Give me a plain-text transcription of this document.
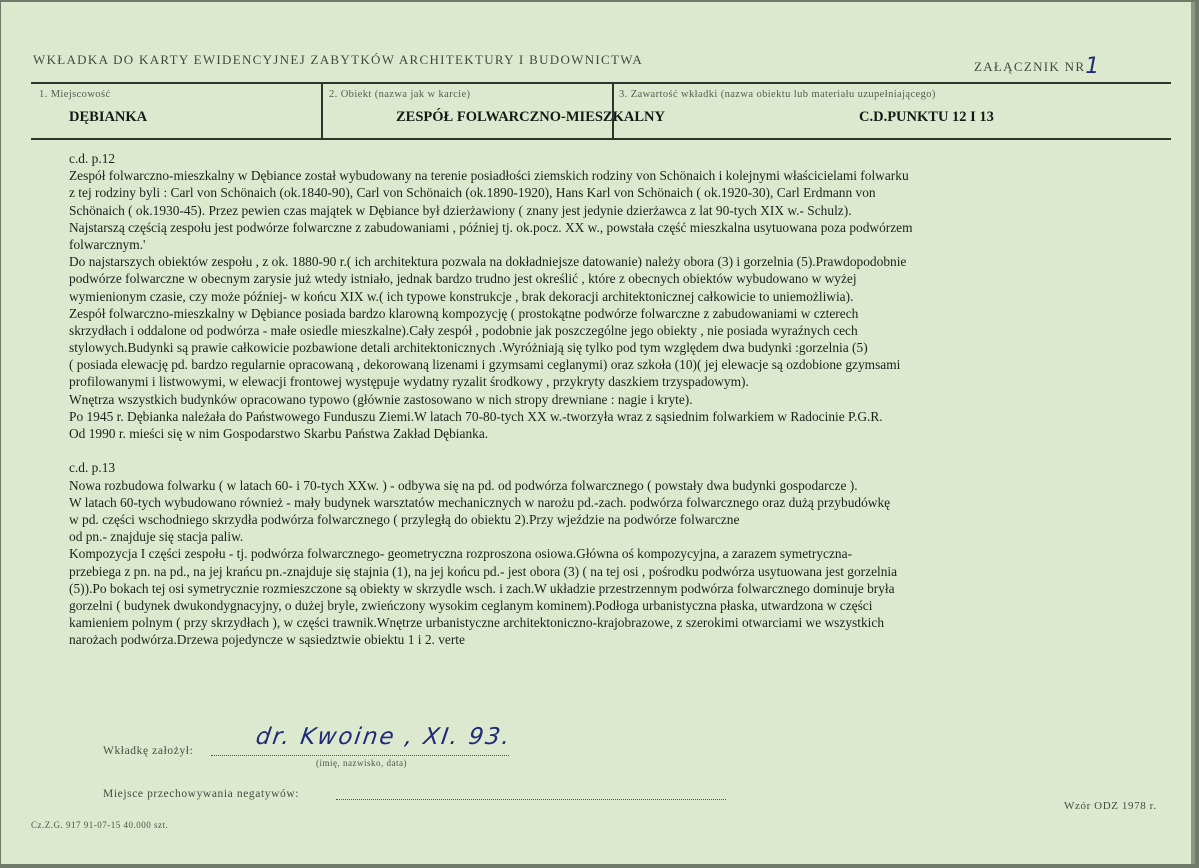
WKŁADKA DO KARTY EWIDENCYJNEJ ZABYTKÓW ARCHITEKTURY I BUDOWNICTWA	ZAŁĄCZNIK NR1
1. Miejscowość
DĘBIANKA
2. Obiekt (nazwa jak w karcie)
ZESPÓŁ FOLWARCZNO-MIESZKALNY
3. Zawartość wkładki (nazwa obiektu lub materiału uzupełniającego)
C.D.PUNKTU 12 I 13
c.d. p.12
Zespół folwarczno-mieszkalny w Dębiance został wybudowany na terenie posiadłości ziemskich rodziny von Schönaich i kolejnymi właścicielami folwarku
z tej rodziny byli : Carl von Schönaich (ok.1840-90), Carl von Schönaich (ok.1890-1920), Hans Karl von Schönaich ( ok.1920-30), Carl Erdmann von
Schönaich ( ok.1930-45). Przez pewien czas majątek w Dębiance był dzierżawiony ( znany jest jedynie dzierżawca z lat 90-tych XIX w.- Schulz).
Najstarszą częścią zespołu jest podwórze folwarczne z zabudowaniami , później tj. ok.pocz. XX w., powstała część mieszkalna usytuowana poza podwórzem
folwarcznym.'
Do najstarszych obiektów zespołu , z ok. 1880-90 r.( ich architektura pozwala na dokładniejsze datowanie) należy obora (3) i gorzelnia (5).Prawdopodobnie
podwórze folwarczne w obecnym zarysie już wtedy istniało, jednak bardzo trudno jest określić , które z obecnych obiektów wybudowano w wyżej
wymienionym czasie, czy może później- w końcu XIX w.( ich typowe konstrukcje , brak dekoracji architektonicznej całkowicie to uniemożliwia).
Zespół folwarczno-mieszkalny w Dębiance posiada bardzo klarowną kompozycję ( prostokątne podwórze folwarczne z zabudowaniami w czterech
skrzydłach i oddalone od podwórza - małe osiedle mieszkalne).Cały zespół , podobnie jak poszczególne jego obiekty , nie posiada wyraźnych cech
stylowych.Budynki są prawie całkowicie pozbawione detali architektonicznych .Wyróżniają się tylko pod tym względem dwa budynki :gorzelnia (5)
( posiada elewację pd. bardzo regularnie opracowaną , dekorowaną lizenami i gzymsami ceglanymi) oraz szkoła (10)( jej elewacje są ozdobione gzymsami
profilowanymi i listwowymi, w elewacji frontowej występuje wydatny ryzalit środkowy , przykryty daszkiem trzyspadowym).
Wnętrza wszystkich budynków opracowano typowo (głównie zastosowano w nich stropy drewniane : nagie i kryte).
Po 1945 r. Dębianka należała do Państwowego Funduszu Ziemi.W latach 70-80-tych XX w.-tworzyła wraz z sąsiednim folwarkiem w Radocinie P.G.R.
Od 1990 r. mieści się w nim Gospodarstwo Skarbu Państwa Zakład Dębianka.
c.d. p.13
Nowa rozbudowa folwarku ( w latach 60- i 70-tych XXw. ) - odbywa się na pd. od podwórza folwarcznego ( powstały dwa budynki gospodarcze ).
W latach 60-tych wybudowano również - mały budynek warsztatów mechanicznych w narożu pd.-zach. podwórza folwarcznego oraz dużą przybudówkę
w pd. części wschodniego skrzydła podwórza folwarcznego ( przyległą do obiektu 2).Przy wjeździe na podwórze folwarczne
od pn.- znajduje się stacja paliw.
Kompozycja I części zespołu - tj. podwórza folwarcznego- geometryczna rozproszona osiowa.Główna oś kompozycyjna, a zarazem symetryczna-
przebiega z pn. na pd., na jej krańcu pn.-znajduje się stajnia (1), na jej końcu pd.- jest obora (3) ( na tej osi , pośrodku podwórza usytuowana jest gorzelnia
(5)).Po bokach tej osi symetrycznie rozmieszczone są obiekty w skrzydle wsch. i zach.W układzie przestrzennym podwórza folwarcznego dominuje bryła
gorzelni ( budynek dwukondygnacyjny, o dużej bryle, zwieńczony wysokim ceglanym kominem).Podłoga urbanistyczna płaska, utwardzona w części
kamieniem polnym ( przy skrzydłach ), w części trawnik.Wnętrze urbanistyczne architektoniczno-krajobrazowe, z szerokimi otwarciami we wszystkich
narożach podwórza.Drzewa pojedyncze w sąsiedztwie obiektu 1 i 2. verte
Wkładkę założył:
dr. Kwoine , XI. 93.
(imię, nazwisko, data)
Miejsce przechowywania negatywów:
Wzór ODZ 1978 r.
Cz.Z.G. 917 91-07-15 40.000 szt.
